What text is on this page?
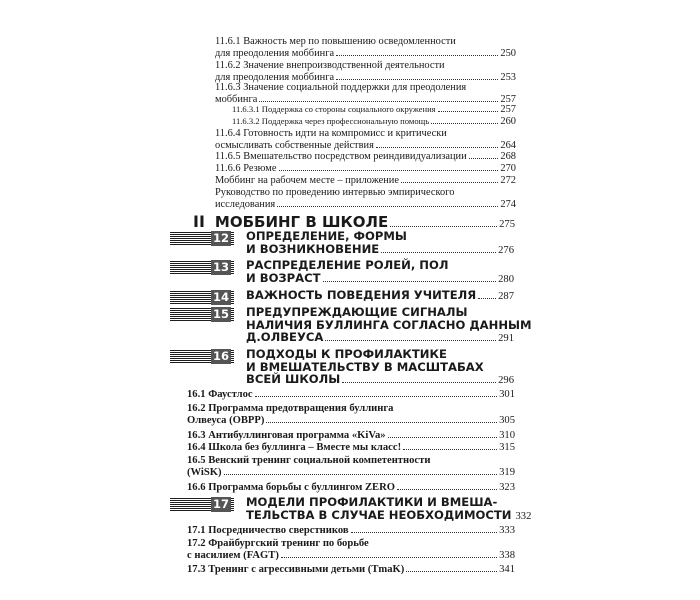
11.6.1 Важность мер по повышению осведомленности
для преодоления моббинга	250
11.6.2 Значение внепроизводственной деятельности
для преодоления моббинга	253
11.6.3 Значение социальной поддержки для преодоления
моббинга	257
11.6.3.1 Поддержка со стороны социального окружения	257
11.6.3.2 Поддержка через профессиональную помощь	260
11.6.4 Готовность идти на компромисс и критически
осмысливать собственные действия	264
11.6.5 Вмешательство посредством реиндивидуализации	268
11.6.6 Резюме	270
Моббинг на рабочем месте – приложение	272
Руководство по проведению интервью эмпирического
исследования	274
II МОББИНГ В ШКОЛЕ	275
12 ОПРЕДЕЛЕНИЕ, ФОРМЫ
И ВОЗНИКНОВЕНИЕ	276
13 РАСПРЕДЕЛЕНИЕ РОЛЕЙ, ПОЛ
И ВОЗРАСТ	280
14 ВАЖНОСТЬ ПОВЕДЕНИЯ УЧИТЕЛЯ 287
15 ПРЕДУПРЕЖДАЮЩИЕ СИГНАЛЫ
НАЛИЧИЯ БУЛЛИНГА СОГЛАСНО ДАННЫМ
Д.ОЛВЕУСА	291
16 ПОДХОДЫ К ПРОФИЛАКТИКЕ
И ВМЕШАТЕЛЬСТВУ В МАСШТАБАХ
ВСЕЙ ШКОЛЫ	296
16.1 Фаустлос	301
16.2 Программа предотвращения буллинга
Олвеуса (OBPP)	305
16.3 Антибуллинговая программа «KiVa»	310
16.4 Школа без буллинга – Вместе мы класс!	315
16.5 Венский тренинг социальной компетентности
(WiSK)	319
16.6 Программа борьбы с буллингом ZERO	323
17 МОДЕЛИ ПРОФИЛАКТИКИ И ВМЕША-
ТЕЛЬСТВА В СЛУЧАЕ НЕОБХОДИМОСТИ 332
17.1 Посредничество сверстников	333
17.2 Фрайбургский тренинг по борьбе
с насилием (FAGT)	338
17.3 Тренинг с агрессивными детьми (TmaK)	341
